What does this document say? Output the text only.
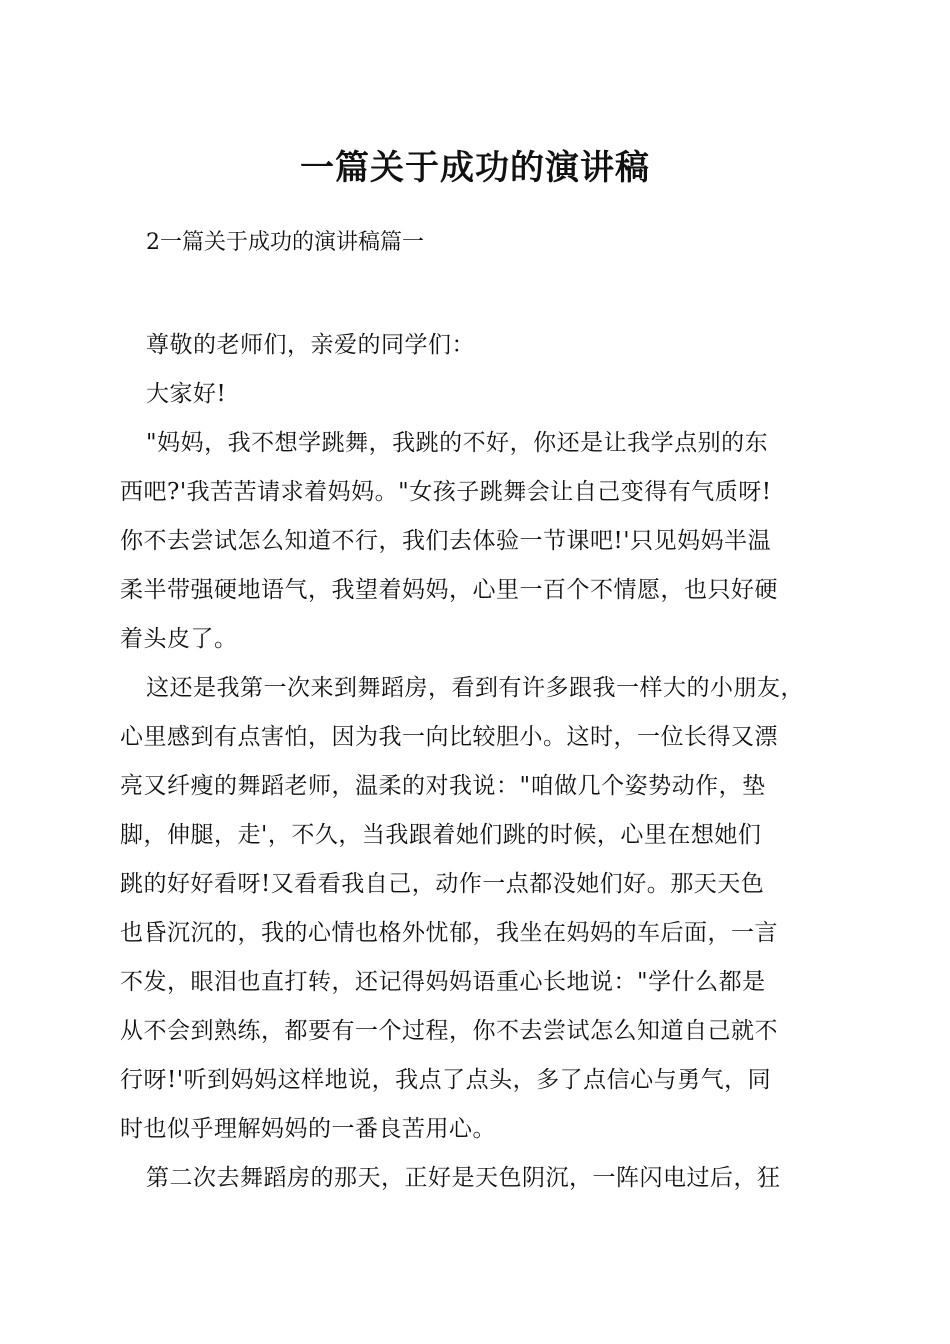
一篇关于成功的演讲稿
2一篇关于成功的演讲稿篇一
尊敬的老师们，亲爱的同学们：
大家好!
"妈妈，我不想学跳舞，我跳的不好，你还是让我学点别的东
西吧?'我苦苦请求着妈妈。"女孩子跳舞会让自己变得有气质呀!
你不去尝试怎么知道不行，我们去体验一节课吧!'只见妈妈半温
柔半带强硬地语气，我望着妈妈，心里一百个不情愿，也只好硬
着头皮了。
这还是我第一次来到舞蹈房，看到有许多跟我一样大的小朋友，
心里感到有点害怕，因为我一向比较胆小。这时，一位长得又漂
亮又纤瘦的舞蹈老师，温柔的对我说："咱做几个姿势动作，垫
脚，伸腿，走'，不久，当我跟着她们跳的时候，心里在想她们
跳的好好看呀!又看看我自己，动作一点都没她们好。那天天色
也昏沉沉的，我的心情也格外忧郁，我坐在妈妈的车后面，一言
不发，眼泪也直打转，还记得妈妈语重心长地说："学什么都是
从不会到熟练，都要有一个过程，你不去尝试怎么知道自己就不
行呀!'听到妈妈这样地说，我点了点头，多了点信心与勇气，同
时也似乎理解妈妈的一番良苦用心。
第二次去舞蹈房的那天，正好是天色阴沉，一阵闪电过后，狂
